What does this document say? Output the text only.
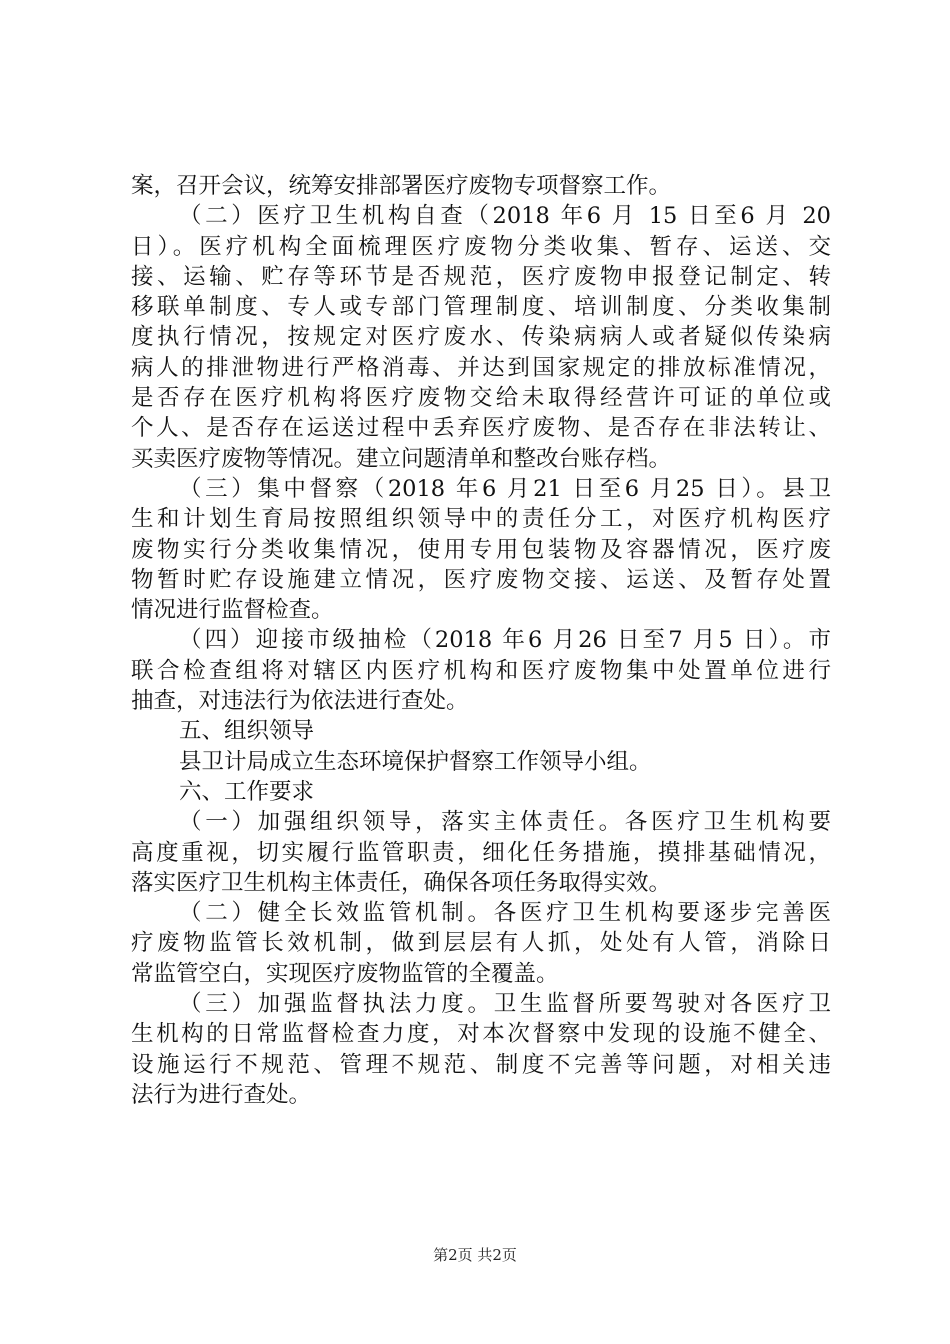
案，召开会议，统筹安排部署医疗废物专项督察工作。
（二）医疗卫生机构自查（2018 年6 月 15 日至6 月 20
日）。医疗机构全面梳理医疗废物分类收集、暂存、运送、交
接、运输、贮存等环节是否规范，医疗废物申报登记制定、转
移联单制度、专人或专部门管理制度、培训制度、分类收集制
度执行情况，按规定对医疗废水、传染病病人或者疑似传染病
病人的排泄物进行严格消毒、并达到国家规定的排放标准情况，
是否存在医疗机构将医疗废物交给未取得经营许可证的单位或
个人、是否存在运送过程中丢弃医疗废物、是否存在非法转让、
买卖医疗废物等情况。建立问题清单和整改台账存档。
（三）集中督察（2018 年6 月21 日至6 月25 日）。县卫
生和计划生育局按照组织领导中的责任分工，对医疗机构医疗
废物实行分类收集情况，使用专用包装物及容器情况，医疗废
物暂时贮存设施建立情况，医疗废物交接、运送、及暂存处置
情况进行监督检查。
（四）迎接市级抽检（2018 年6 月26 日至7 月5 日）。市
联合检查组将对辖区内医疗机构和医疗废物集中处置单位进行
抽查，对违法行为依法进行查处。
五、组织领导
县卫计局成立生态环境保护督察工作领导小组。
六、工作要求
（一）加强组织领导，落实主体责任。各医疗卫生机构要
高度重视，切实履行监管职责，细化任务措施，摸排基础情况，
落实医疗卫生机构主体责任，确保各项任务取得实效。
（二）健全长效监管机制。各医疗卫生机构要逐步完善医
疗废物监管长效机制，做到层层有人抓，处处有人管，消除日
常监管空白，实现医疗废物监管的全覆盖。
（三）加强监督执法力度。卫生监督所要驾驶对各医疗卫
生机构的日常监督检查力度，对本次督察中发现的设施不健全、
设施运行不规范、管理不规范、制度不完善等问题，对相关违
法行为进行查处。
第2页 共2页
